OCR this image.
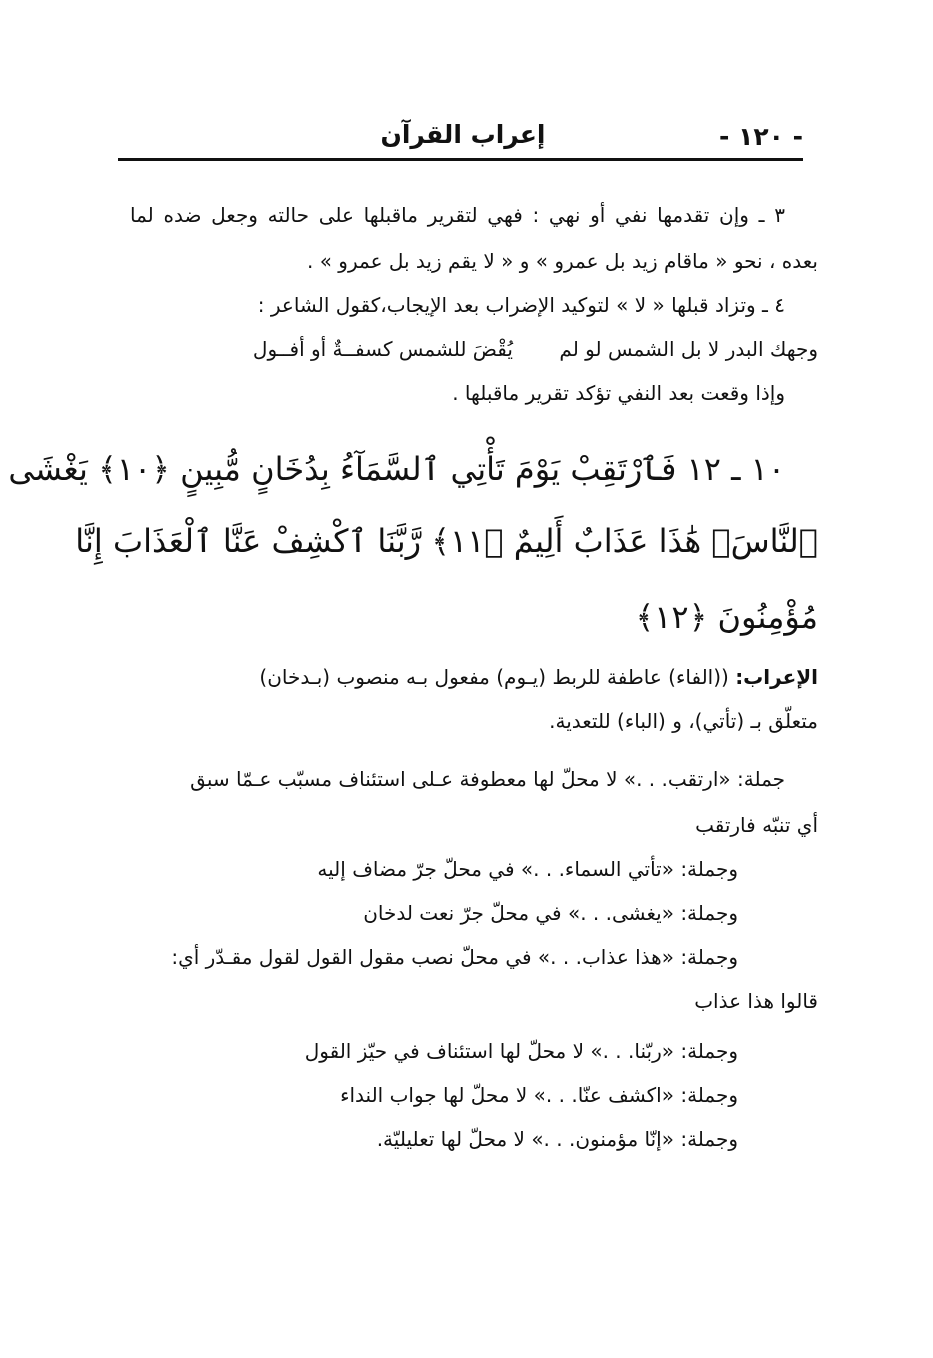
- ١٢٠ -
إعراب القرآن
٣ ـ وإن تقدمها نفي أو نهي : فهي لتقرير ماقبلها على حالته وجعل ضده لما
بعده ، نحو « ماقام زيد بل عمرو » و « لا يقم زيد بل عمرو » .
٤ ـ وتزاد قبلها « لا » لتوكيد الإضراب بعد الإيجاب،كقول الشاعر :
وجهك البدر لا بل الشمس لو لم
يُقْضَ للشمس كسفــةٌ أو أفــول
وإذا وقعت بعد النفي تؤكد تقرير ماقبلها .
١٠ ـ ١٢ فَٱرْتَقِبْ يَوْمَ تَأْتِي ٱلسَّمَآءُ بِدُخَانٍ مُّبِينٍ ﴿١٠﴾ يَغْشَى
ٱلنَّاسَۖ هَٰذَا عَذَابٌ أَلِيمٌ ﴿١١﴾ رَّبَّنَا ٱكْشِفْ عَنَّا ٱلْعَذَابَ إِنَّا
مُؤْمِنُونَ ﴿١٢﴾
الإعراب: ((الفاء) عاطفة للربط (يـوم) مفعول بـه منصوب (بـدخان)
متعلّق بـ (تأتي)، و (الباء) للتعدية.
جملة: «ارتقب. . .» لا محلّ لها معطوفة عـلى استئناف مسبّب عـمّا سبق
أي تنبّه فارتقب
وجملة: «تأتي السماء. . .» في محلّ جرّ مضاف إليه
وجملة: «يغشى. . .» في محلّ جرّ نعت لدخان
وجملة: «هذا عذاب. . .» في محلّ نصب مقول القول لقول مقـدّر أي:
قالوا هذا عذاب
وجملة: «ربّنا. . .» لا محلّ لها استئناف في حيّز القول
وجملة: «اكشف عنّا. . .» لا محلّ لها جواب النداء
وجملة: «إنّا مؤمنون. . .» لا محلّ لها تعليليّة.
